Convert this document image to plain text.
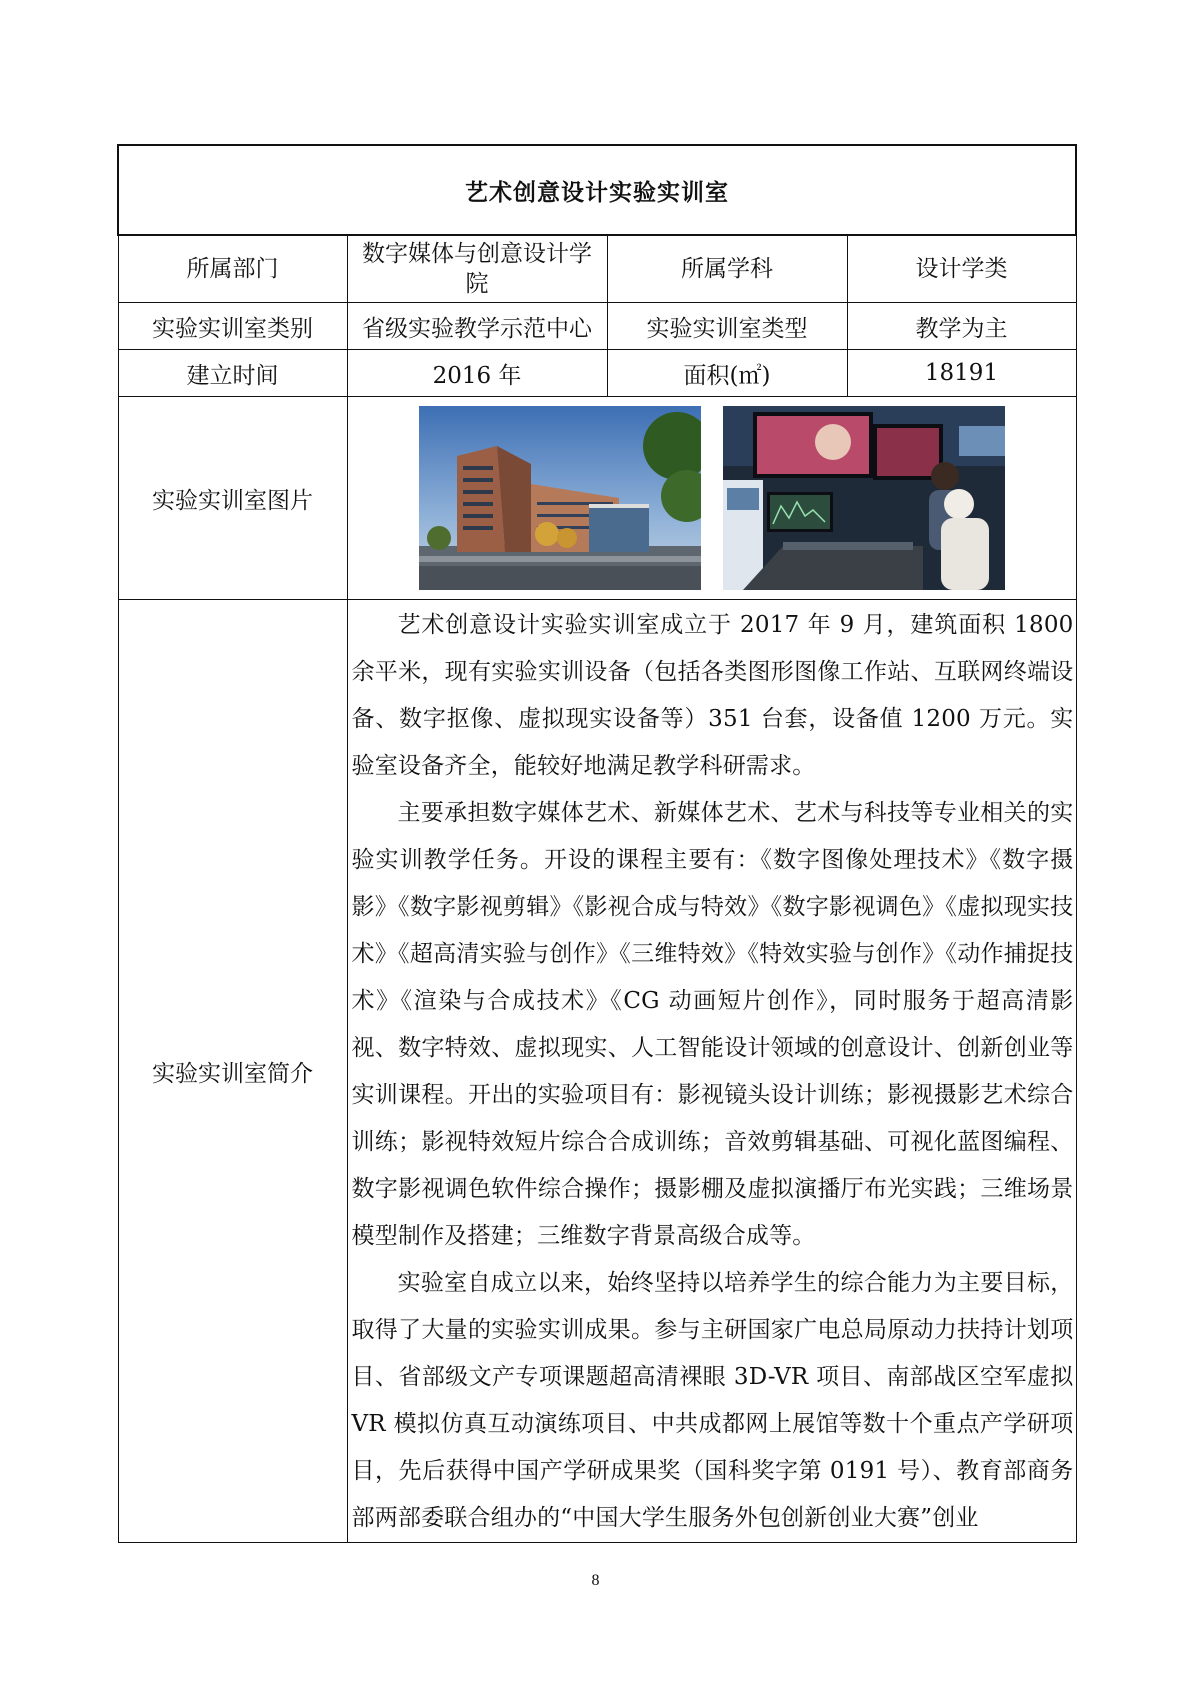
艺术创意设计实验实训室			
所属部门	数字媒体与创意设计学院	所属学科	设计学类
实验实训室类别	省级实验教学示范中心	实验实训室类型	教学为主
建立时间	2016 年	面积(㎡)	18191
实验实训室图片	

实验实训室简介	艺术创意设计实验实训室成立于 2017 年 9 月，建筑面积 1800 余平米，现有实验实训设备（包括各类图形图像工作站、互联网终端设备、数字抠像、虚拟现实设备等）351 台套，设备值 1200 万元。实验室设备齐全，能较好地满足教学科研需求。

主要承担数字媒体艺术、新媒体艺术、艺术与科技等专业相关的实验实训教学任务。开设的课程主要有：《数字图像处理技术》《数字摄影》《数字影视剪辑》《影视合成与特效》《数字影视调色》《虚拟现实技术》《超高清实验与创作》《三维特效》《特效实验与创作》《动作捕捉技术》《渲染与合成技术》《CG 动画短片创作》，同时服务于超高清影视、数字特效、虚拟现实、人工智能设计领域的创意设计、创新创业等实训课程。开出的实验项目有：影视镜头设计训练；影视摄影艺术综合训练；影视特效短片综合合成训练；音效剪辑基础、可视化蓝图编程、数字影视调色软件综合操作；摄影棚及虚拟演播厅布光实践；三维场景模型制作及搭建；三维数字背景高级合成等。

实验室自成立以来，始终坚持以培养学生的综合能力为主要目标，取得了大量的实验实训成果。参与主研国家广电总局原动力扶持计划项目、省部级文产专项课题超高清裸眼 3D-VR 项目、南部战区空军虚拟 VR 模拟仿真互动演练项目、中共成都网上展馆等数十个重点产学研项目，先后获得中国产学研成果奖（国科奖字第 0191 号）、教育部商务部两部委联合组办的“中国大学生服务外包创新创业大赛”创业		

8
